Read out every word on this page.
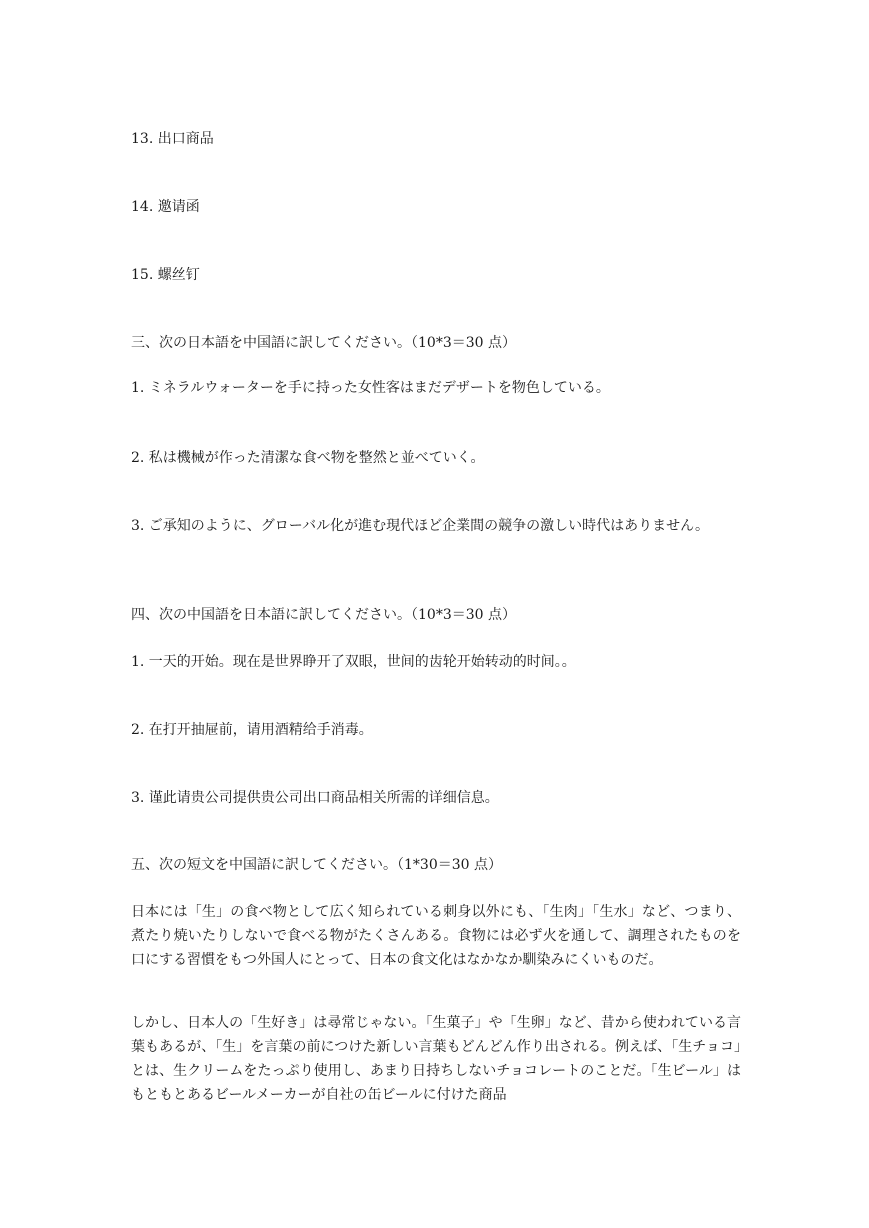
13. 出口商品
14. 邀请函
15. 螺丝钉
三、次の日本語を中国語に訳してください。（10*3＝30 点）
1. ミネラルウォーターを手に持った女性客はまだデザートを物色している。
2. 私は機械が作った清潔な食べ物を整然と並べていく。
3. ご承知のように、グローバル化が進む現代ほど企業間の競争の激しい時代はありません。
四、次の中国語を日本語に訳してください。（10*3＝30 点）
1. 一天的开始。现在是世界睁开了双眼，世间的齿轮开始转动的时间。。
2. 在打开抽屉前，请用酒精给手消毒。
3. 谨此请贵公司提供贵公司出口商品相关所需的详细信息。
五、次の短文を中国語に訳してください。（1*30＝30 点）
日本には「生」の食べ物として広く知られている刺身以外にも、「生肉」「生水」など、つまり、煮たり焼いたりしないで食べる物がたくさんある。食物には必ず火を通して、調理されたものを口にする習慣をもつ外国人にとって、日本の食文化はなかなか馴染みにくいものだ。
しかし、日本人の「生好き」は尋常じゃない。「生菓子」や「生卵」など、昔から使われている言葉もあるが、「生」を言葉の前につけた新しい言葉もどんどん作り出される。例えば、「生チョコ」とは、生クリームをたっぷり使用し、あまり日持ちしないチョコレートのことだ。「生ビール」はもともとあるビールメーカーが自社の缶ビールに付けた商品
